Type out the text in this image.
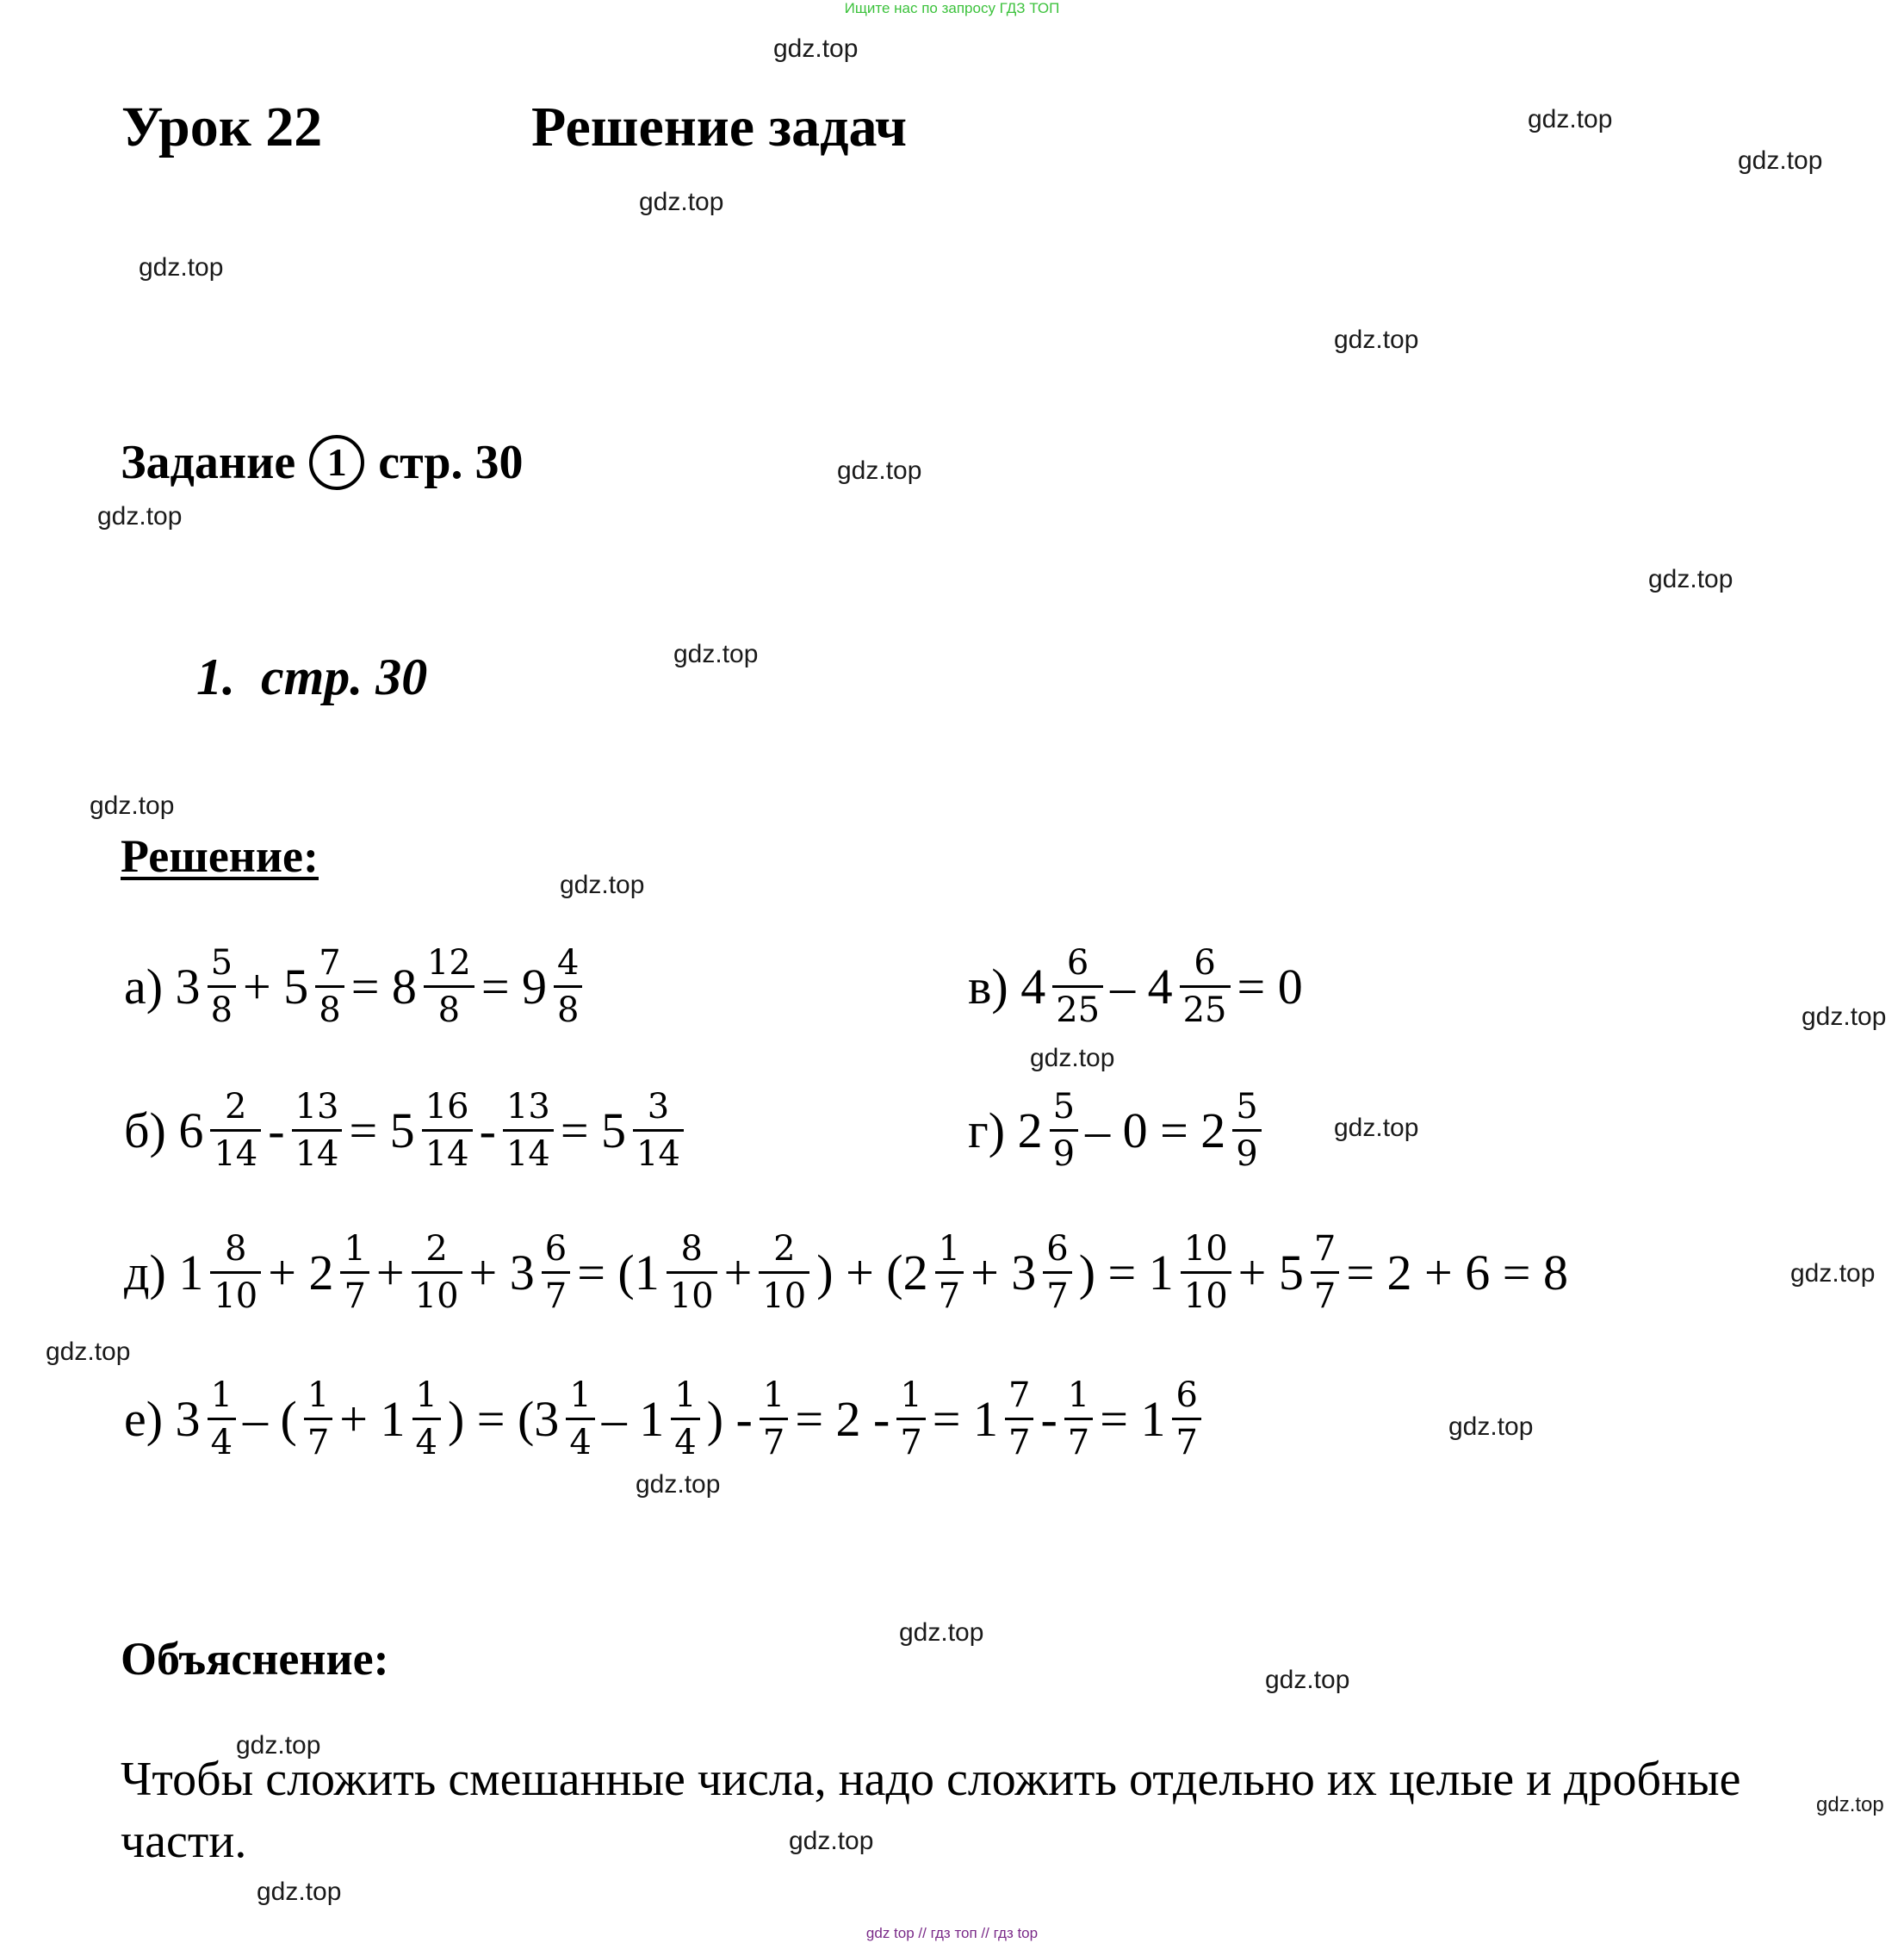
Ищите нас по запросу ГДЗ ТОП
gdz top // гдз топ // гдз top
gdz.top
gdz.top
gdz.top
gdz.top
gdz.top
gdz.top
gdz.top
gdz.top
gdz.top
gdz.top
gdz.top
gdz.top
gdz.top
gdz.top
gdz.top
gdz.top
gdz.top
gdz.top
gdz.top
gdz.top
gdz.top
gdz.top
gdz.top
gdz.top
gdz.top
Урок 22	Решение задач
Задание 1 стр. 30
1.  стр. 30
Решение:
а) $3 \frac{5}{8} + 5 \frac{7}{8} = 8 \frac{12}{8} = 9 \frac{4}{8}$	в) $4 \frac{6}{25} - 4 \frac{6}{25} = 0$
б) $6 \frac{2}{14} - \frac{13}{14} = 5 \frac{16}{14} - \frac{13}{14} = 5 \frac{3}{14}$	г) $2 \frac{5}{9} - 0 = 2 \frac{5}{9}$
д) $1 \frac{8}{10} + 2 \frac{1}{7} + \frac{2}{10} + 3 \frac{6}{7} = (1 \frac{8}{10} + \frac{2}{10}$ ) + ($2 \frac{1}{7} + 3 \frac{6}{7}$ ) = $1 \frac{10}{10} + 5 \frac{7}{7} = 2 + 6 = 8$
е) $3 \frac{1}{4}$ – ( $\frac{1}{7} + 1 \frac{1}{4}$ ) = ($3 \frac{1}{4} - 1 \frac{1}{4}$ ) - $\frac{1}{7} = 2 - \frac{1}{7} = 1 \frac{7}{7} - \frac{1}{7} = 1 \frac{6}{7}$
Объяснение:
Чтобы сложить смешанные числа, надо сложить отдельно их целые и дробные части.
